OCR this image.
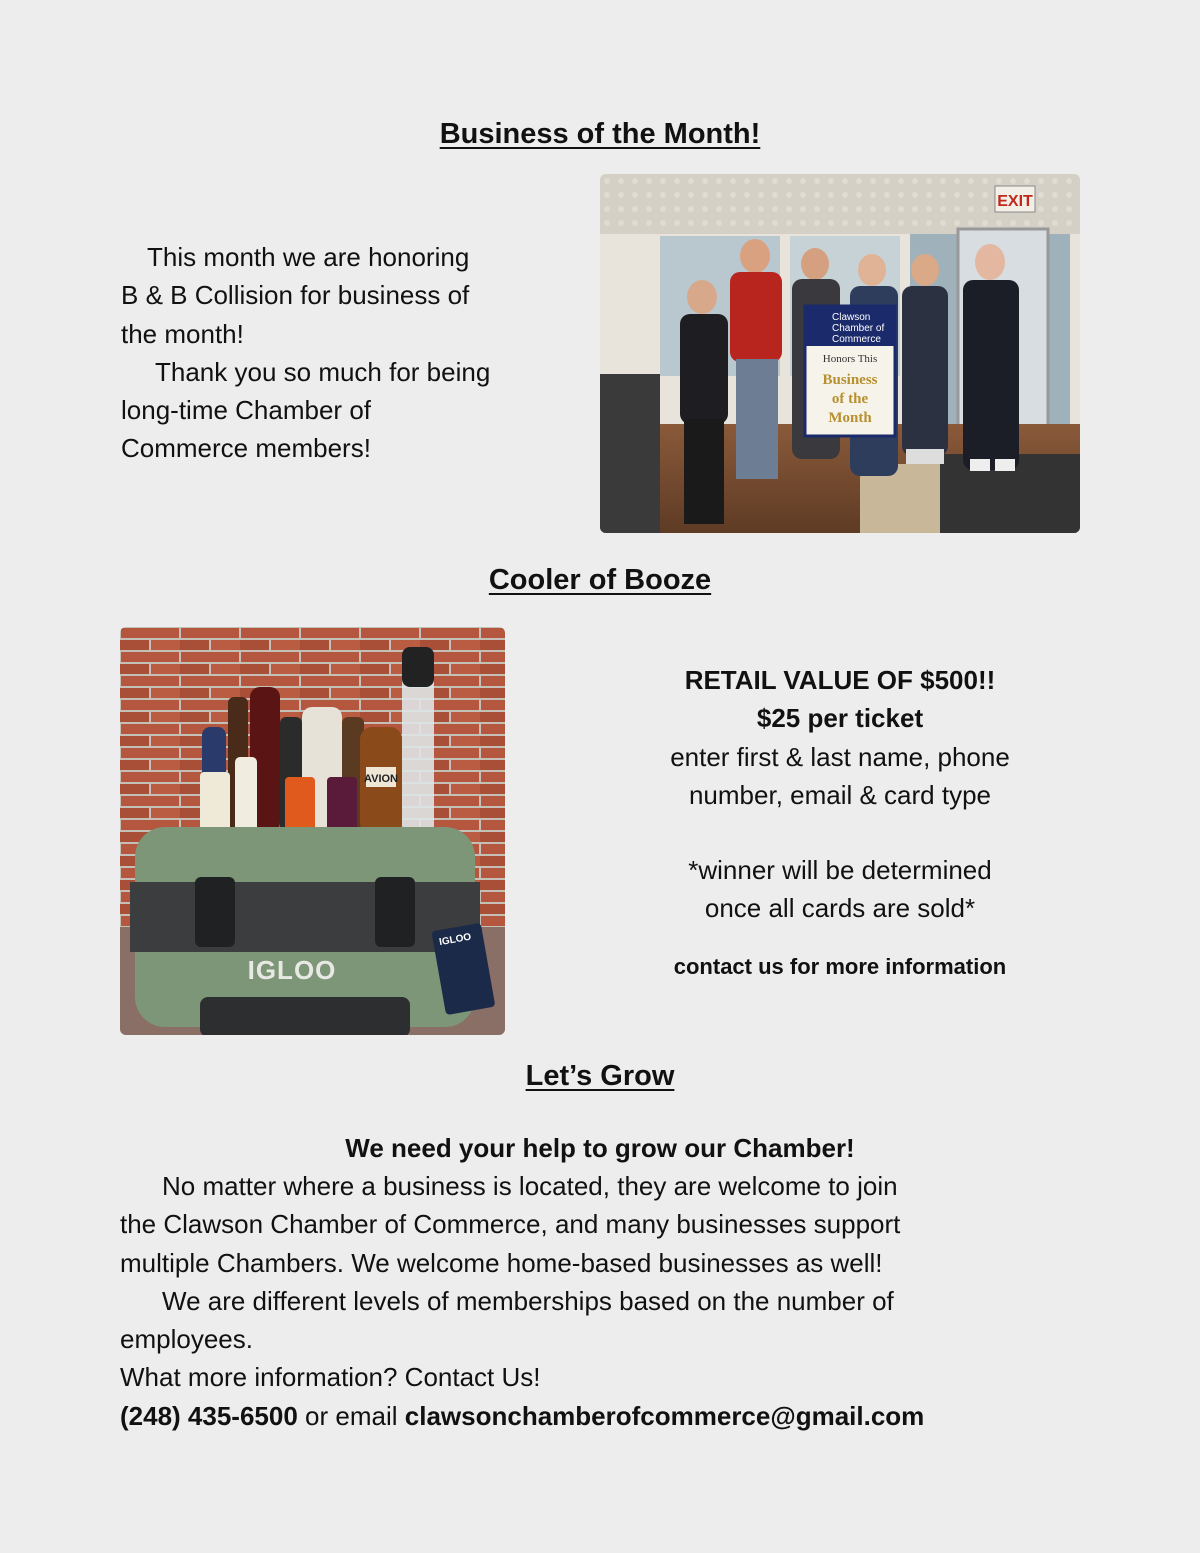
Business of the Month!
This month we are honoring
B & B Collision for business of
the month!
Thank you so much for being
long-time Chamber of
Commerce members!
EXIT
Clawson
Chamber of
Commerce
Honors This
Business
of the
Month
Cooler of Booze
AVION
IGLOO
IGLOO
RETAIL VALUE OF $500!!
$25 per ticket
enter first & last name, phone
number, email & card type
*winner will be determined
once all cards are sold*
contact us for more information
Let’s Grow
We need your help to grow our Chamber!
No matter where a business is located, they are welcome to join
the Clawson Chamber of Commerce, and many businesses support
multiple Chambers. We welcome home-based businesses as well!
We are different levels of memberships based on the number of
employees.
What more information? Contact Us!
(248) 435-6500 or email clawsonchamberofcommerce@gmail.com
